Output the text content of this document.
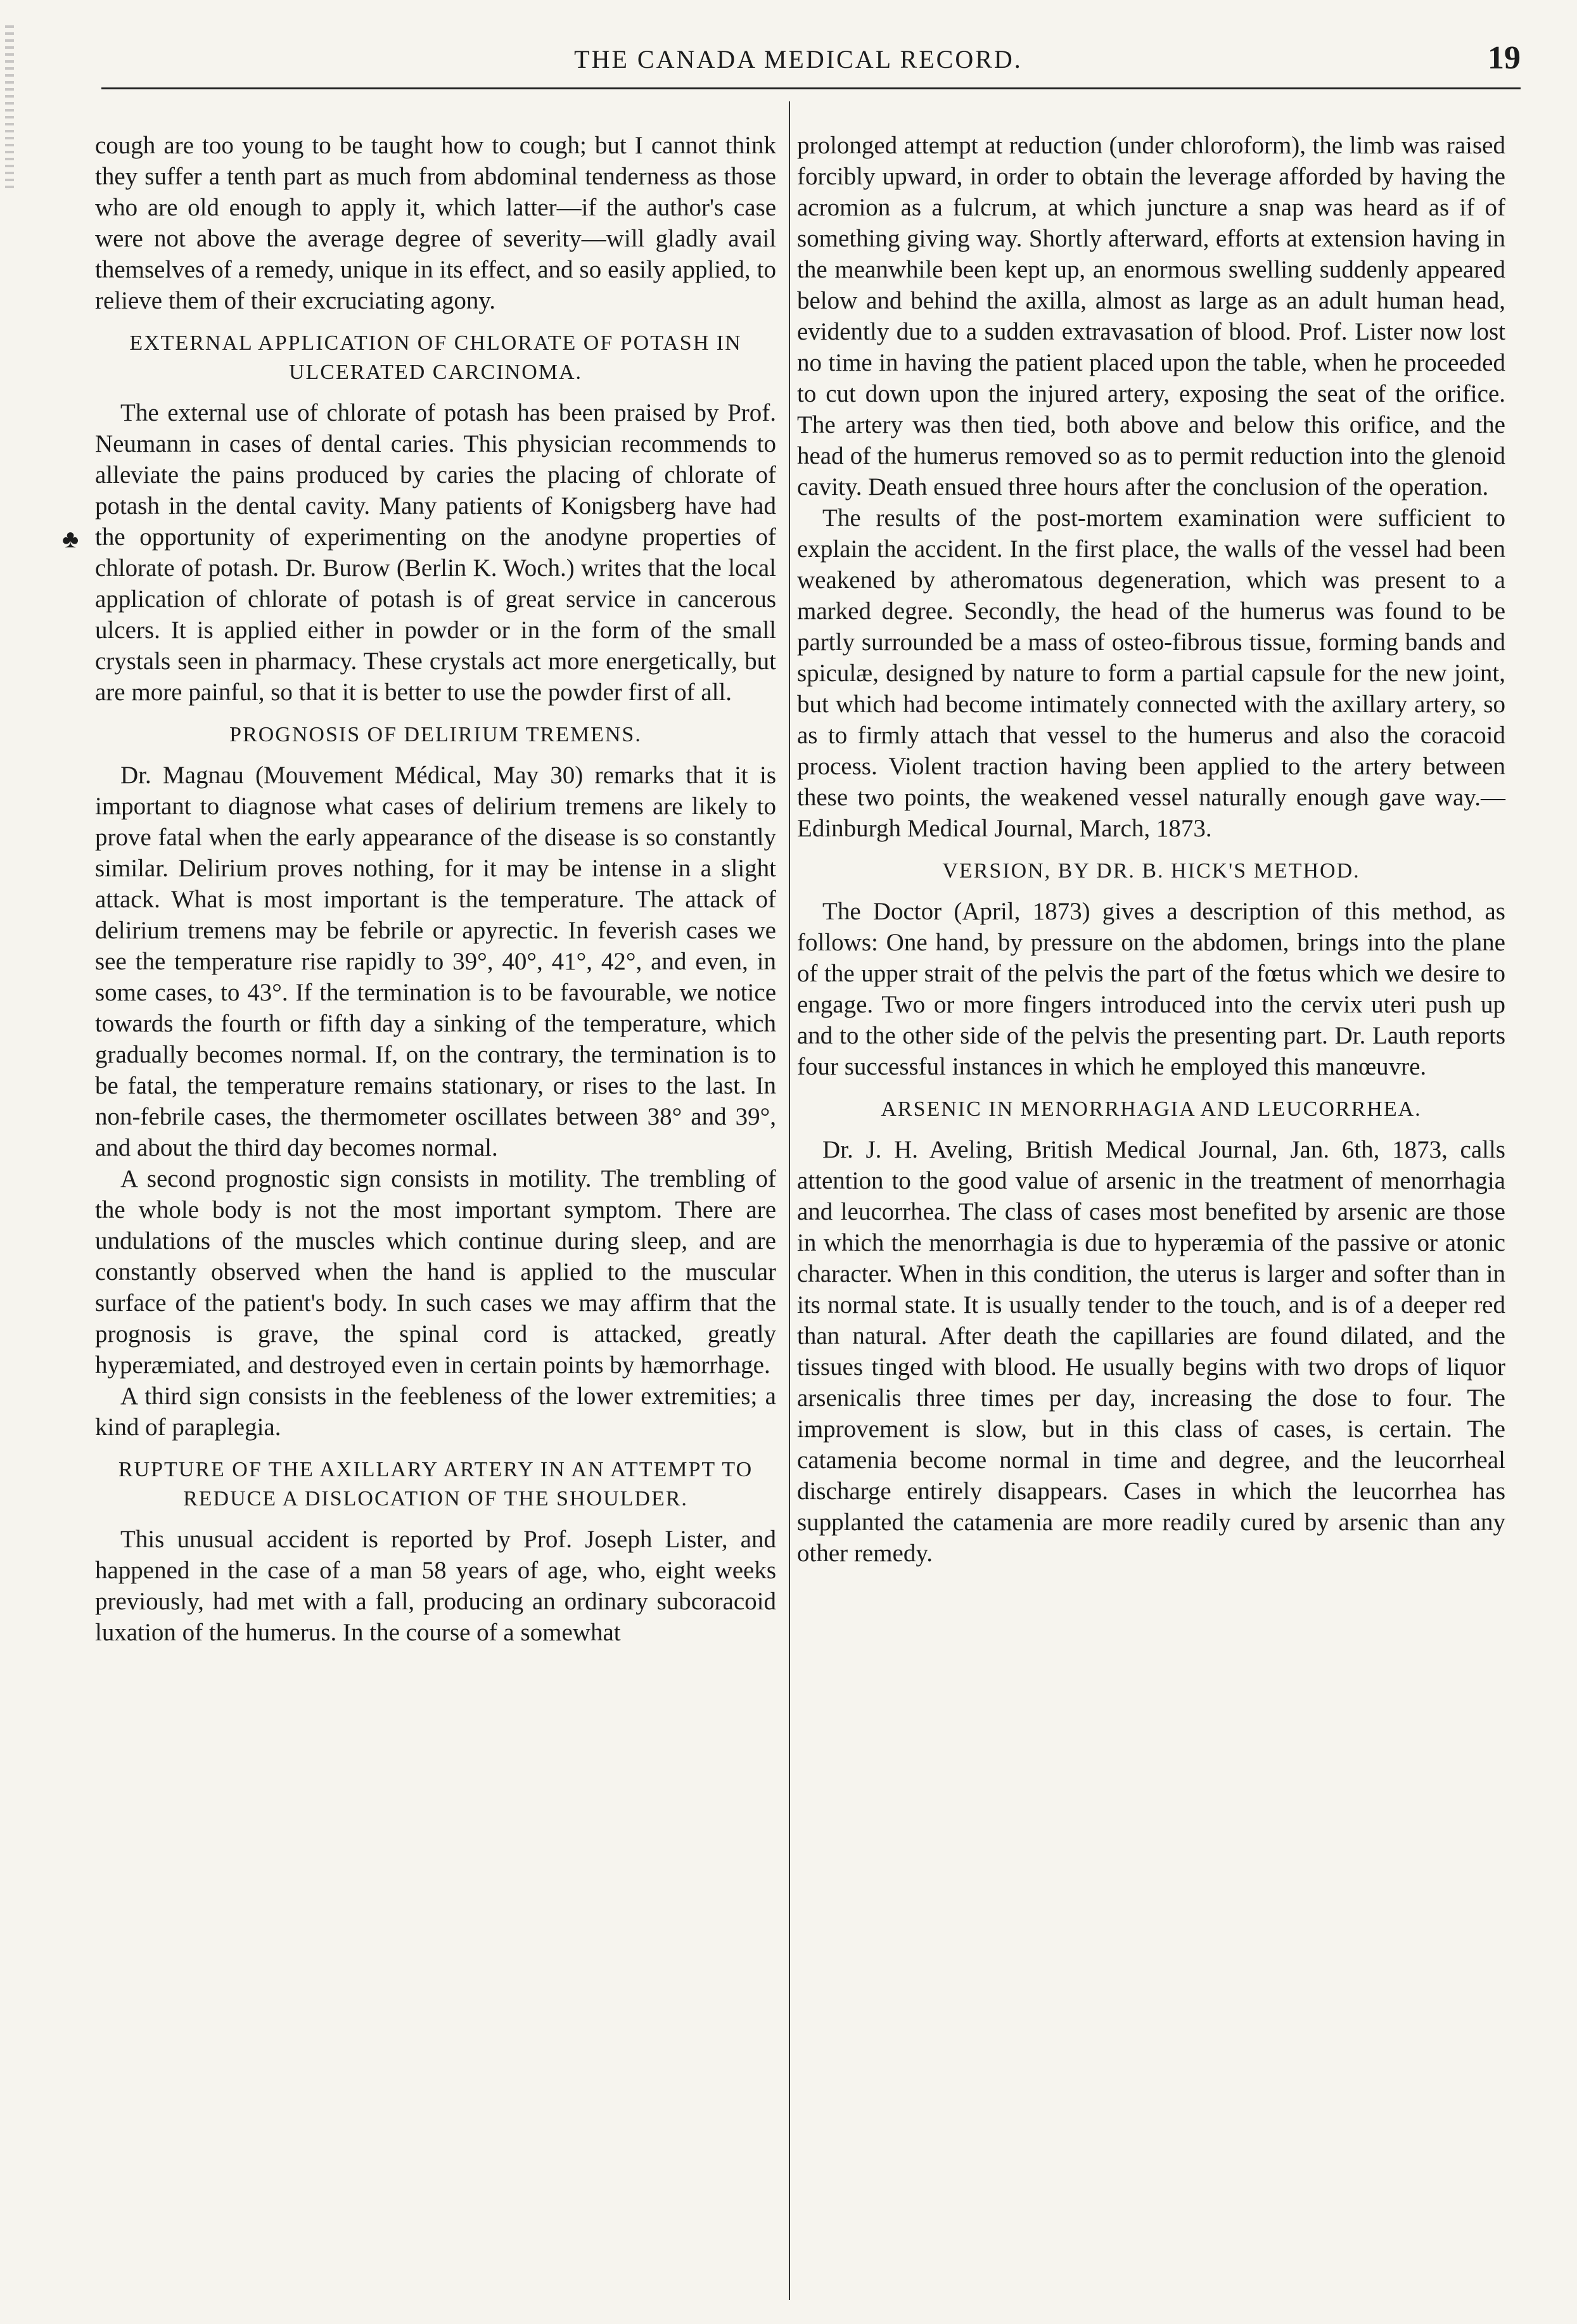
THE CANADA MEDICAL RECORD.	19
♣

cough are too young to be taught how to cough; but I cannot think they suffer a tenth part as much from abdominal tenderness as those who are old enough to apply it, which latter—if the author's case were not above the average degree of severity—will gladly avail themselves of a remedy, unique in its effect, and so easily applied, to relieve them of their excruciating agony.

EXTERNAL APPLICATION OF CHLORATE OF POTASH IN ULCERATED CARCINOMA.

The external use of chlorate of potash has been praised by Prof. Neumann in cases of dental caries. This physician recommends to alleviate the pains produced by caries the placing of chlorate of potash in the dental cavity. Many patients of Konigsberg have had the opportunity of experimenting on the anodyne properties of chlorate of potash. Dr. Burow (Berlin K. Woch.) writes that the local application of chlorate of potash is of great service in cancerous ulcers. It is applied either in powder or in the form of the small crystals seen in pharmacy. These crystals act more energetically, but are more painful, so that it is better to use the powder first of all.

PROGNOSIS OF DELIRIUM TREMENS.

Dr. Magnau (Mouvement Médical, May 30) remarks that it is important to diagnose what cases of delirium tremens are likely to prove fatal when the early appearance of the disease is so constantly similar. Delirium proves nothing, for it may be intense in a slight attack. What is most important is the temperature. The attack of delirium tremens may be febrile or apyrectic. In feverish cases we see the temperature rise rapidly to 39°, 40°, 41°, 42°, and even, in some cases, to 43°. If the termination is to be favourable, we notice towards the fourth or fifth day a sinking of the temperature, which gradually becomes normal. If, on the contrary, the termination is to be fatal, the temperature remains stationary, or rises to the last. In non-febrile cases, the thermometer oscillates between 38° and 39°, and about the third day becomes normal.

A second prognostic sign consists in motility. The trembling of the whole body is not the most important symptom. There are undulations of the muscles which continue during sleep, and are constantly observed when the hand is applied to the muscular surface of the patient's body. In such cases we may affirm that the prognosis is grave, the spinal cord is attacked, greatly hyperæmiated, and destroyed even in certain points by hæmorrhage.

A third sign consists in the feebleness of the lower extremities; a kind of paraplegia.

RUPTURE OF THE AXILLARY ARTERY IN AN ATTEMPT TO REDUCE A DISLOCATION OF THE SHOULDER.

This unusual accident is reported by Prof. Joseph Lister, and happened in the case of a man 58 years of age, who, eight weeks previously, had met with a fall, producing an ordinary subcoracoid luxation of the humerus. In the course of a somewhat

prolonged attempt at reduction (under chloroform), the limb was raised forcibly upward, in order to obtain the leverage afforded by having the acromion as a fulcrum, at which juncture a snap was heard as if of something giving way. Shortly afterward, efforts at extension having in the meanwhile been kept up, an enormous swelling suddenly appeared below and behind the axilla, almost as large as an adult human head, evidently due to a sudden extravasation of blood. Prof. Lister now lost no time in having the patient placed upon the table, when he proceeded to cut down upon the injured artery, exposing the seat of the orifice. The artery was then tied, both above and below this orifice, and the head of the humerus removed so as to permit reduction into the glenoid cavity. Death ensued three hours after the conclusion of the operation.

The results of the post-mortem examination were sufficient to explain the accident. In the first place, the walls of the vessel had been weakened by atheromatous degeneration, which was present to a marked degree. Secondly, the head of the humerus was found to be partly surrounded be a mass of osteo-fibrous tissue, forming bands and spiculæ, designed by nature to form a partial capsule for the new joint, but which had become intimately connected with the axillary artery, so as to firmly attach that vessel to the humerus and also the coracoid process. Violent traction having been applied to the artery between these two points, the weakened vessel naturally enough gave way.—Edinburgh Medical Journal, March, 1873.

VERSION, BY DR. B. HICK'S METHOD.

The Doctor (April, 1873) gives a description of this method, as follows: One hand, by pressure on the abdomen, brings into the plane of the upper strait of the pelvis the part of the fœtus which we desire to engage. Two or more fingers introduced into the cervix uteri push up and to the other side of the pelvis the presenting part. Dr. Lauth reports four successful instances in which he employed this manœuvre.

ARSENIC IN MENORRHAGIA AND LEUCORRHEA.

Dr. J. H. Aveling, British Medical Journal, Jan. 6th, 1873, calls attention to the good value of arsenic in the treatment of menorrhagia and leucorrhea. The class of cases most benefited by arsenic are those in which the menorrhagia is due to hyperæmia of the passive or atonic character. When in this condition, the uterus is larger and softer than in its normal state. It is usually tender to the touch, and is of a deeper red than natural. After death the capillaries are found dilated, and the tissues tinged with blood. He usually begins with two drops of liquor arsenicalis three times per day, increasing the dose to four. The improvement is slow, but in this class of cases, is certain. The catamenia become normal in time and degree, and the leucorrheal discharge entirely disappears. Cases in which the leucorrhea has supplanted the catamenia are more readily cured by arsenic than any other remedy.
